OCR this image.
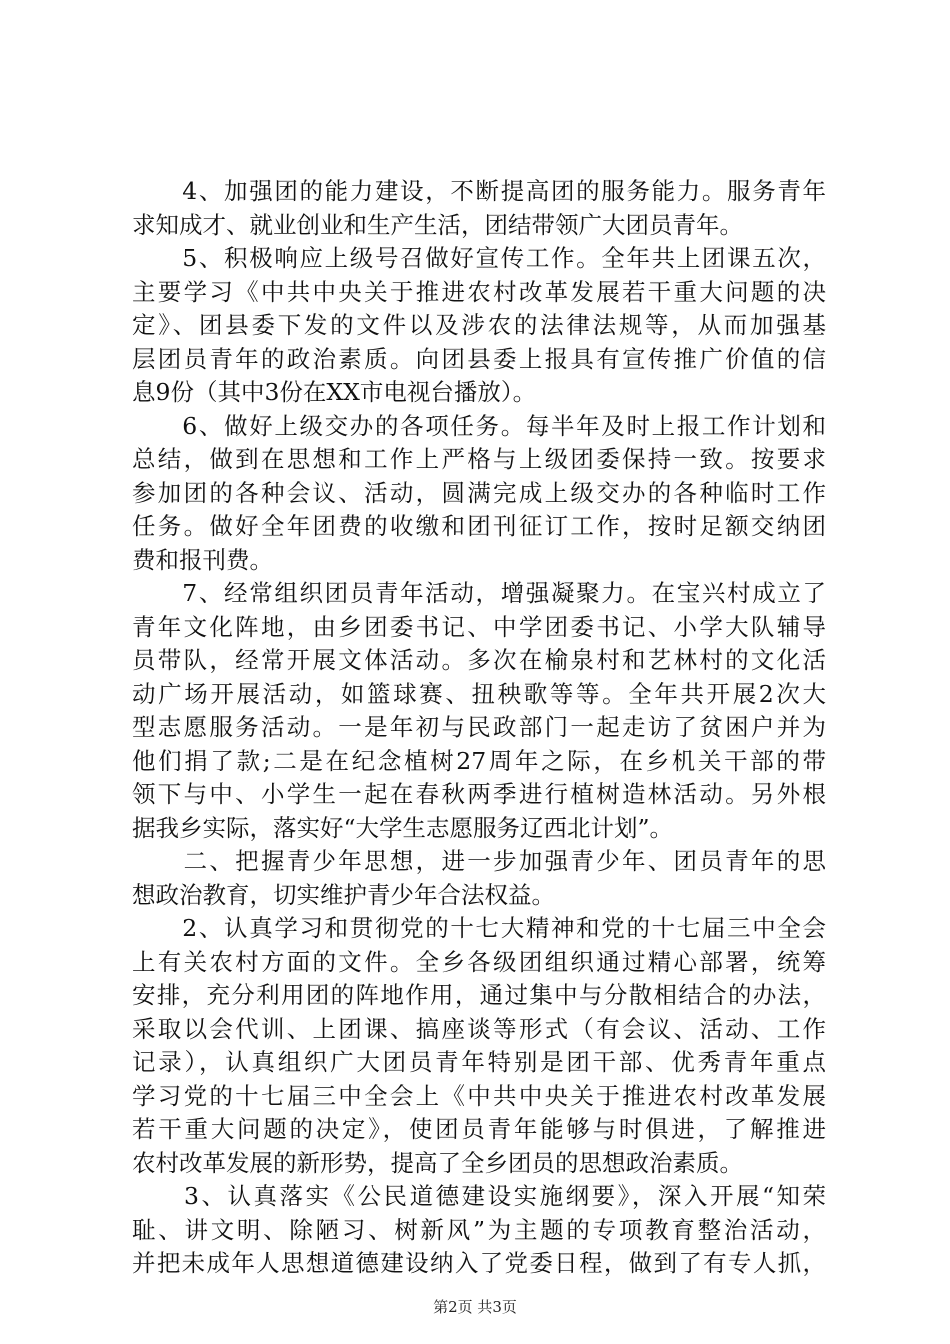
　　4、加强团的能力建设，不断提高团的服务能力。服务青年
求知成才、就业创业和生产生活，团结带领广大团员青年。
　　5、积极响应上级号召做好宣传工作。全年共上团课五次，
主要学习《中共中央关于推进农村改革发展若干重大问题的决
定》、团县委下发的文件以及涉农的法律法规等，从而加强基
层团员青年的政治素质。向团县委上报具有宣传推广价值的信
息9份（其中3份在XX市电视台播放）。
　　6、做好上级交办的各项任务。每半年及时上报工作计划和
总结，做到在思想和工作上严格与上级团委保持一致。按要求
参加团的各种会议、活动，圆满完成上级交办的各种临时工作
任务。做好全年团费的收缴和团刊征订工作，按时足额交纳团
费和报刊费。
　　7、经常组织团员青年活动，增强凝聚力。在宝兴村成立了
青年文化阵地，由乡团委书记、中学团委书记、小学大队辅导
员带队，经常开展文体活动。多次在榆泉村和艺林村的文化活
动广场开展活动，如篮球赛、扭秧歌等等。全年共开展2次大
型志愿服务活动。一是年初与民政部门一起走访了贫困户并为
他们捐了款;二是在纪念植树27周年之际，在乡机关干部的带
领下与中、小学生一起在春秋两季进行植树造林活动。另外根
据我乡实际，落实好“大学生志愿服务辽西北计划”。
　　二、把握青少年思想，进一步加强青少年、团员青年的思
想政治教育，切实维护青少年合法权益。
　　2、认真学习和贯彻党的十七大精神和党的十七届三中全会
上有关农村方面的文件。全乡各级团组织通过精心部署，统筹
安排，充分利用团的阵地作用，通过集中与分散相结合的办法，
采取以会代训、上团课、搞座谈等形式（有会议、活动、工作
记录），认真组织广大团员青年特别是团干部、优秀青年重点
学习党的十七届三中全会上《中共中央关于推进农村改革发展
若干重大问题的决定》，使团员青年能够与时俱进，了解推进
农村改革发展的新形势，提高了全乡团员的思想政治素质。
　　3、认真落实《公民道德建设实施纲要》，深入开展“知荣
耻、讲文明、除陋习、树新风”为主题的专项教育整治活动，
并把未成年人思想道德建设纳入了党委日程，做到了有专人抓，
第2页 共3页
